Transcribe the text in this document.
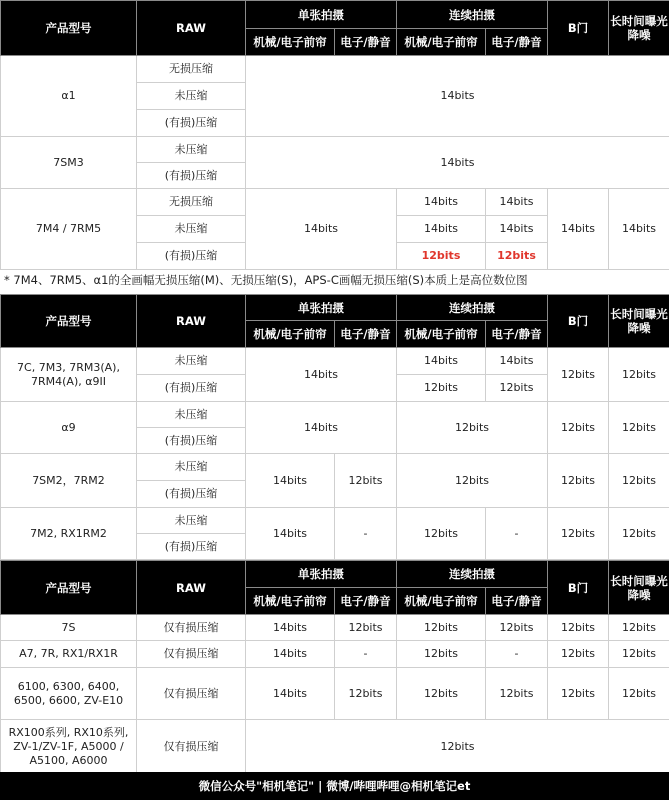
产品型号	RAW	单张拍摄		连续拍摄		B门	长时间曝光降噪
		机械/电子前帘	电子/静音	机械/电子前帘	电子/静音		
α1	无损压缩	14bits					
	未压缩						
	(有损)压缩						
7SM3	未压缩	14bits					
	(有损)压缩						
7M4 / 7RM5	无损压缩	14bits		14bits	14bits	14bits	14bits
	未压缩			14bits	14bits		
	(有损)压缩			12bits	12bits		
* 7M4、7RM5、α1的全画幅无损压缩(M)、无损压缩(S)，APS-C画幅无损压缩(S)本质上是高位数位图
产品型号	RAW	单张拍摄		连续拍摄		B门	长时间曝光降噪
		机械/电子前帘	电子/静音	机械/电子前帘	电子/静音		
7C, 7M3, 7RM3(A), 7RM4(A), α9II	未压缩	14bits		14bits	14bits	12bits	12bits
	(有损)压缩			12bits	12bits		
α9	未压缩	14bits		12bits		12bits	12bits
	(有损)压缩						
7SM2，7RM2	未压缩	14bits	12bits	12bits		12bits	12bits
	(有损)压缩						
7M2, RX1RM2	未压缩	14bits	-	12bits	-	12bits	12bits
	(有损)压缩						
产品型号	RAW	单张拍摄		连续拍摄		B门	长时间曝光降噪
		机械/电子前帘	电子/静音	机械/电子前帘	电子/静音		
7S	仅有损压缩	14bits	12bits	12bits	12bits	12bits	12bits
A7, 7R, RX1/RX1R	仅有损压缩	14bits	-	12bits	-	12bits	12bits
6100, 6300, 6400, 6500, 6600, ZV-E10	仅有损压缩	14bits	12bits	12bits	12bits	12bits	12bits
RX100系列, RX10系列, ZV-1/ZV-1F, A5000 / A5100, A6000	仅有损压缩	12bits					
微信公众号"相机笔记" | 微博/哔哩哔哩@相机笔记et
